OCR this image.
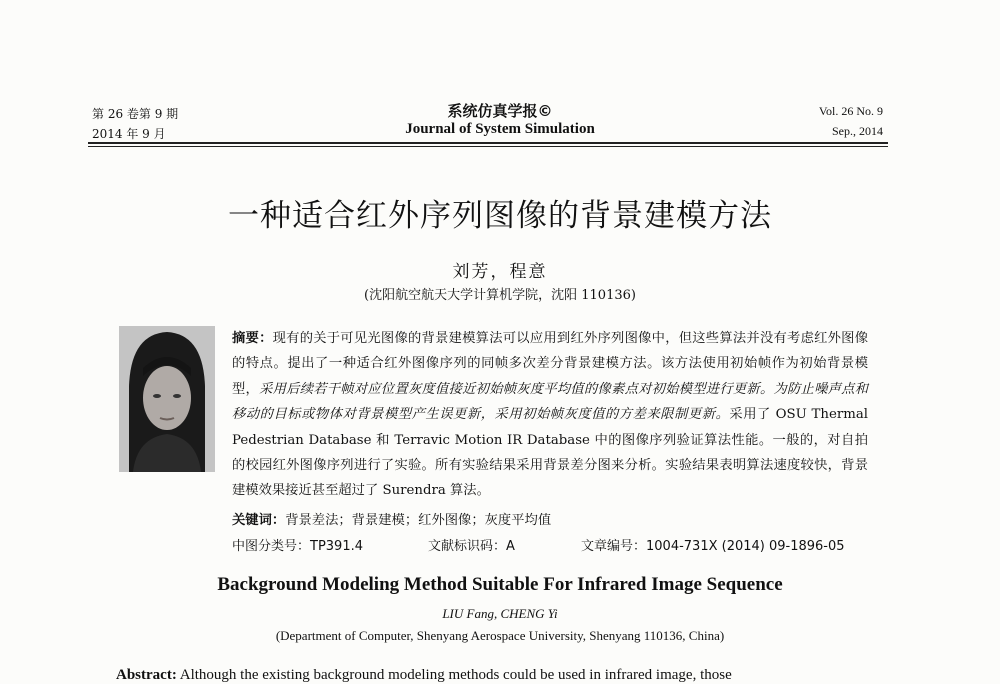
第 26 卷第 9 期
2014 年 9 月
系统仿真学报©
Journal of System Simulation
Vol. 26 No. 9
Sep., 2014
一种适合红外序列图像的背景建模方法
刘芳，程意
(沈阳航空航天大学计算机学院，沈阳 110136)
摘要：现有的关于可见光图像的背景建模算法可以应用到红外序列图像中，但这些算法并没有考虑红外图像的特点。提出了一种适合红外图像序列的同帧多次差分背景建模方法。该方法使用初始帧作为初始背景模型，采用后续若干帧对应位置灰度值接近初始帧灰度平均值的像素点对初始模型进行更新。为防止噪声点和移动的目标或物体对背景模型产生误更新，采用初始帧灰度值的方差来限制更新。采用了 OSU Thermal Pedestrian Database 和 Terravic Motion IR Database 中的图像序列验证算法性能。一般的，对自拍的校园红外图像序列进行了实验。所有实验结果采用背景差分图来分析。实验结果表明算法速度较快，背景建模效果接近甚至超过了 Surendra 算法。
关键词：背景差法；背景建模；红外图像；灰度平均值
中图分类号：TP391.4	文献标识码：A	文章编号：1004-731X (2014) 09-1896-05
Background Modeling Method Suitable For Infrared Image Sequence
LIU Fang, CHENG Yi
(Department of Computer, Shenyang Aerospace University, Shenyang 110136, China)
Abstract: Although the existing background modeling methods could be used in infrared image, those
